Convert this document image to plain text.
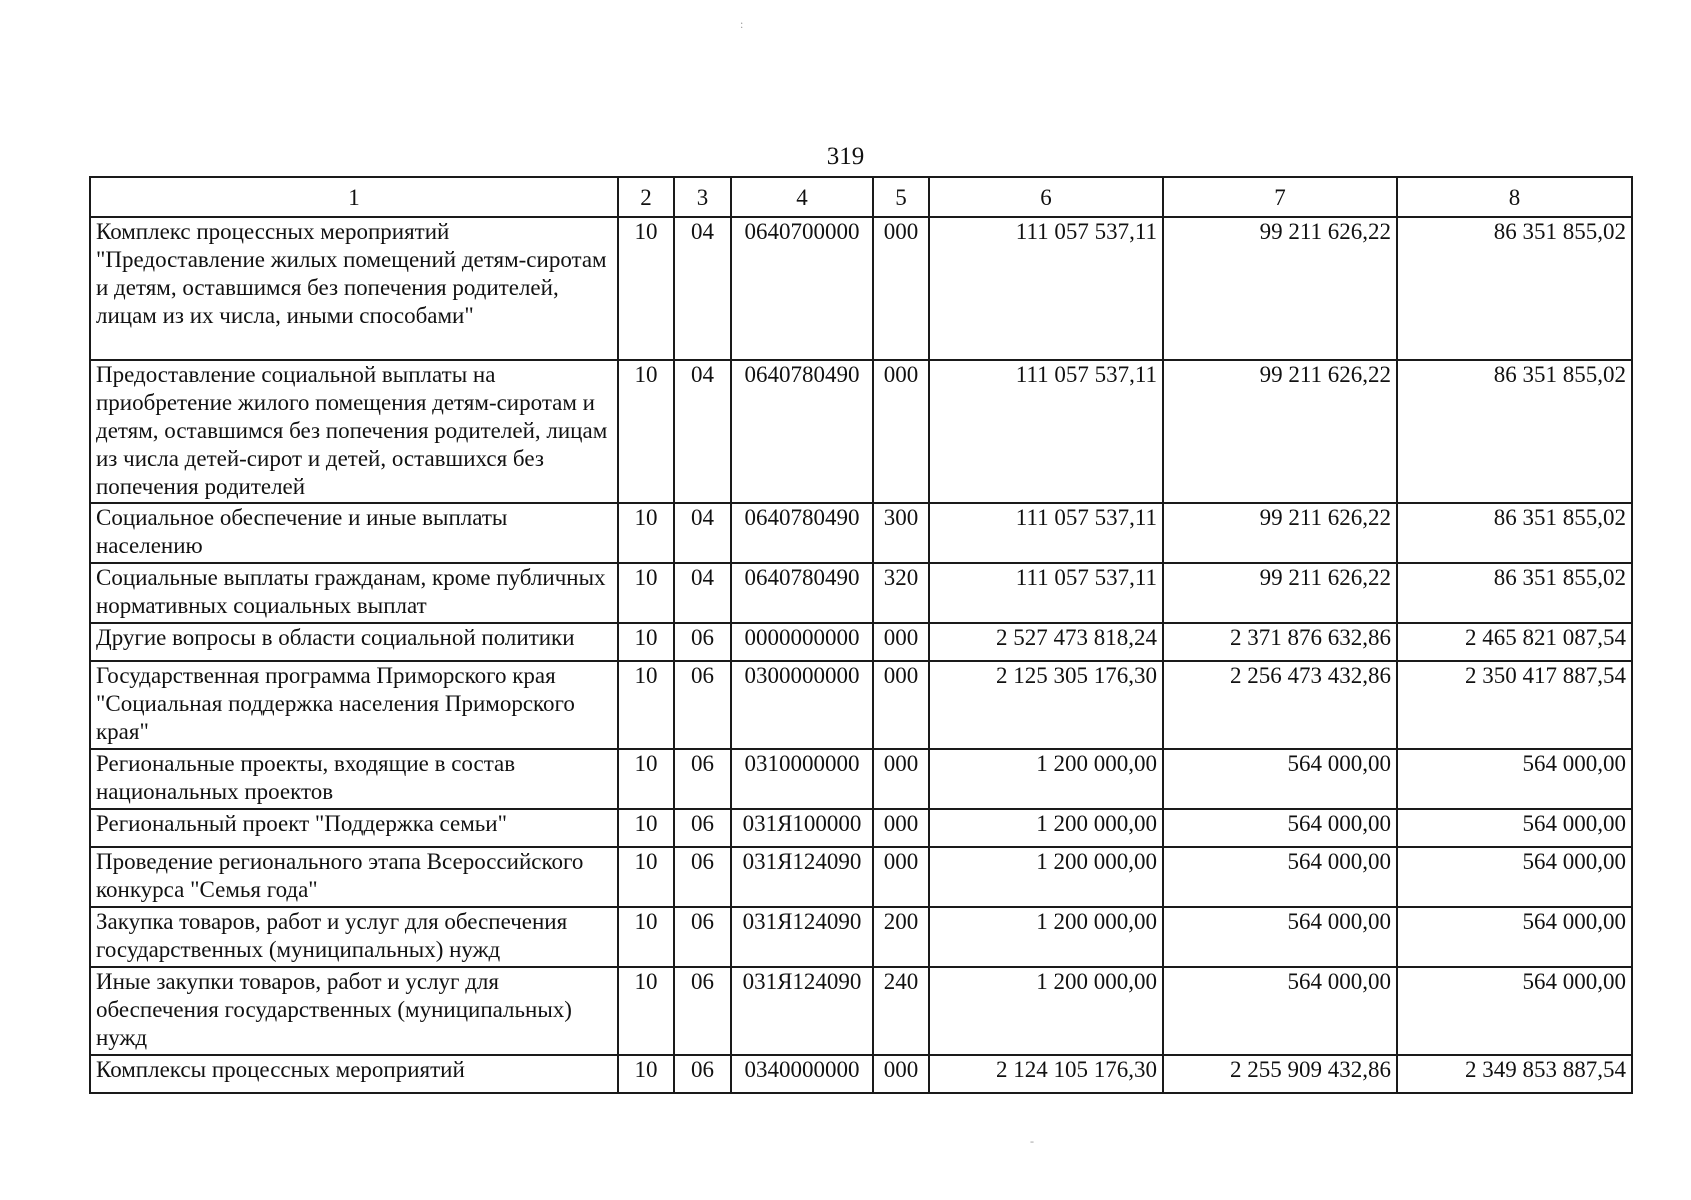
:
-
319
1	2	3	4	5	6	7	8
Комплекс процессных мероприятий "Предоставление жилых помещений детям-сиротам и детям, оставшимся без попечения родителей, лицам из их числа, иными способами"	10	04	0640700000	000	111 057 537,11	99 211 626,22	86 351 855,02
Предоставление социальной выплаты на приобретение жилого помещения детям-сиротам и детям, оставшимся без попечения родителей, лицам из числа детей-сирот и детей, оставшихся без попечения родителей	10	04	0640780490	000	111 057 537,11	99 211 626,22	86 351 855,02
Социальное обеспечение и иные выплаты населению	10	04	0640780490	300	111 057 537,11	99 211 626,22	86 351 855,02
Социальные выплаты гражданам, кроме публичных нормативных социальных выплат	10	04	0640780490	320	111 057 537,11	99 211 626,22	86 351 855,02
Другие вопросы в области социальной политики	10	06	0000000000	000	2 527 473 818,24	2 371 876 632,86	2 465 821 087,54
Государственная программа Приморского края "Социальная поддержка населения Приморского края"	10	06	0300000000	000	2 125 305 176,30	2 256 473 432,86	2 350 417 887,54
Региональные проекты, входящие в состав национальных проектов	10	06	0310000000	000	1 200 000,00	564 000,00	564 000,00
Региональный проект "Поддержка семьи"	10	06	031Я100000	000	1 200 000,00	564 000,00	564 000,00
Проведение регионального этапа Всероссийского конкурса "Семья года"	10	06	031Я124090	000	1 200 000,00	564 000,00	564 000,00
Закупка товаров, работ и услуг для обеспечения государственных (муниципальных) нужд	10	06	031Я124090	200	1 200 000,00	564 000,00	564 000,00
Иные закупки товаров, работ и услуг для обеспечения государственных (муниципальных) нужд	10	06	031Я124090	240	1 200 000,00	564 000,00	564 000,00
Комплексы процессных мероприятий	10	06	0340000000	000	2 124 105 176,30	2 255 909 432,86	2 349 853 887,54
